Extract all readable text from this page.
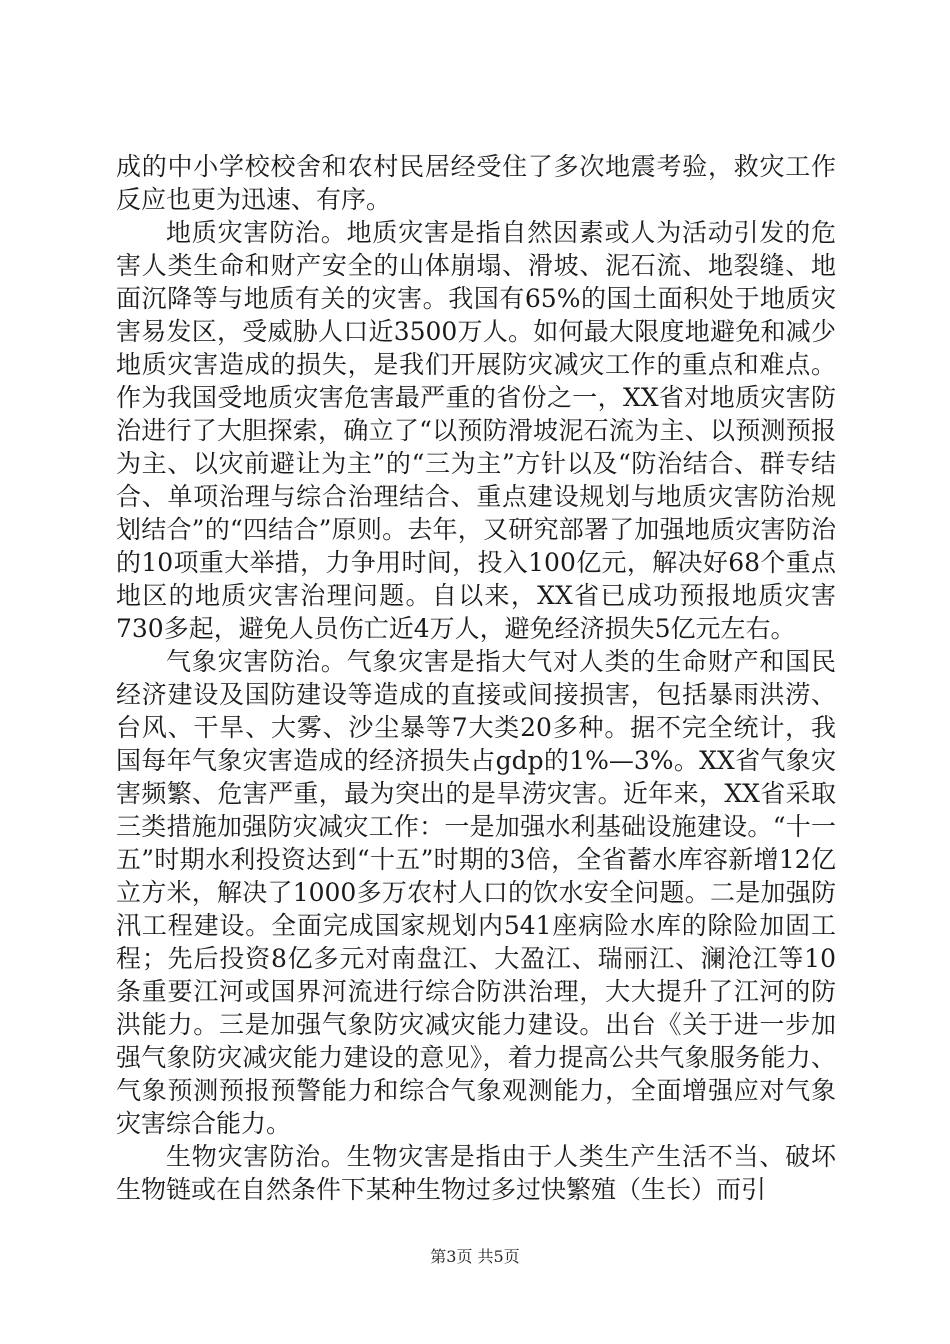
成的中小学校校舍和农村民居经受住了多次地震考验，救灾工作反应也更为迅速、有序。

地质灾害防治。地质灾害是指自然因素或人为活动引发的危害人类生命和财产安全的山体崩塌、滑坡、泥石流、地裂缝、地面沉降等与地质有关的灾害。我国有65%的国土面积处于地质灾害易发区，受威胁人口近3500万人。如何最大限度地避免和减少地质灾害造成的损失，是我们开展防灾减灾工作的重点和难点。作为我国受地质灾害危害最严重的省份之一，XX省对地质灾害防治进行了大胆探索，确立了“以预防滑坡泥石流为主、以预测预报为主、以灾前避让为主”的“三为主”方针以及“防治结合、群专结合、单项治理与综合治理结合、重点建设规划与地质灾害防治规划结合”的“四结合”原则。去年，又研究部署了加强地质灾害防治的10项重大举措，力争用时间，投入100亿元，解决好68个重点地区的地质灾害治理问题。自以来，XX省已成功预报地质灾害730多起，避免人员伤亡近4万人，避免经济损失5亿元左右。

气象灾害防治。气象灾害是指大气对人类的生命财产和国民经济建设及国防建设等造成的直接或间接损害，包括暴雨洪涝、台风、干旱、大雾、沙尘暴等7大类20多种。据不完全统计，我国每年气象灾害造成的经济损失占gdp的1%—3%。XX省气象灾害频繁、危害严重，最为突出的是旱涝灾害。近年来，XX省采取三类措施加强防灾减灾工作：一是加强水利基础设施建设。“十一五”时期水利投资达到“十五”时期的3倍，全省蓄水库容新增12亿立方米，解决了1000多万农村人口的饮水安全问题。二是加强防汛工程建设。全面完成国家规划内541座病险水库的除险加固工程；先后投资8亿多元对南盘江、大盈江、瑞丽江、澜沧江等10条重要江河或国界河流进行综合防洪治理，大大提升了江河的防洪能力。三是加强气象防灾减灾能力建设。出台《关于进一步加强气象防灾减灾能力建设的意见》，着力提高公共气象服务能力、气象预测预报预警能力和综合气象观测能力，全面增强应对气象灾害综合能力。

生物灾害防治。生物灾害是指由于人类生产生活不当、破坏生物链或在自然条件下某种生物过多过快繁殖（生长）而引

第3页 共5页
